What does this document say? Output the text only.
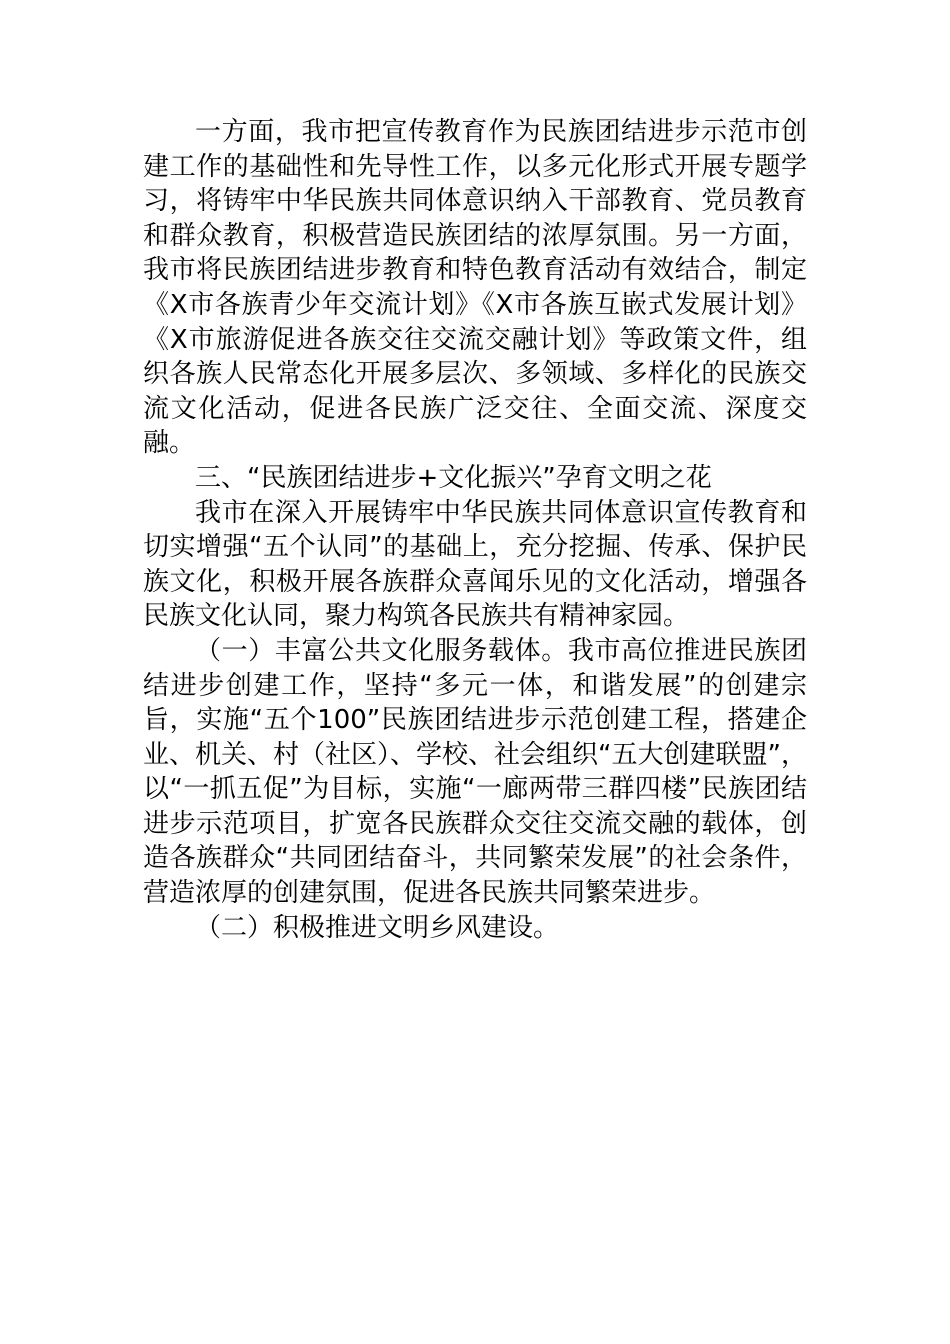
一方面，我市把宣传教育作为民族团结进步示范市创建工作的基础性和先导性工作，以多元化形式开展专题学习，将铸牢中华民族共同体意识纳入干部教育、党员教育和群众教育，积极营造民族团结的浓厚氛围。另一方面，我市将民族团结进步教育和特色教育活动有效结合，制定《X市各族青少年交流计划》《X市各族互嵌式发展计划》《X市旅游促进各族交往交流交融计划》等政策文件，组织各族人民常态化开展多层次、多领域、多样化的民族交流文化活动，促进各民族广泛交往、全面交流、深度交融。

三、“民族团结进步+文化振兴”孕育文明之花

我市在深入开展铸牢中华民族共同体意识宣传教育和切实增强“五个认同”的基础上，充分挖掘、传承、保护民族文化，积极开展各族群众喜闻乐见的文化活动，增强各民族文化认同，聚力构筑各民族共有精神家园。

（一）丰富公共文化服务载体。我市高位推进民族团结进步创建工作，坚持“多元一体，和谐发展”的创建宗旨，实施“五个100”民族团结进步示范创建工程，搭建企业、机关、村（社区）、学校、社会组织“五大创建联盟”，以“一抓五促”为目标，实施“一廊两带三群四楼”民族团结进步示范项目，扩宽各民族群众交往交流交融的载体，创造各族群众“共同团结奋斗，共同繁荣发展”的社会条件，营造浓厚的创建氛围，促进各民族共同繁荣进步。

（二）积极推进文明乡风建设。
